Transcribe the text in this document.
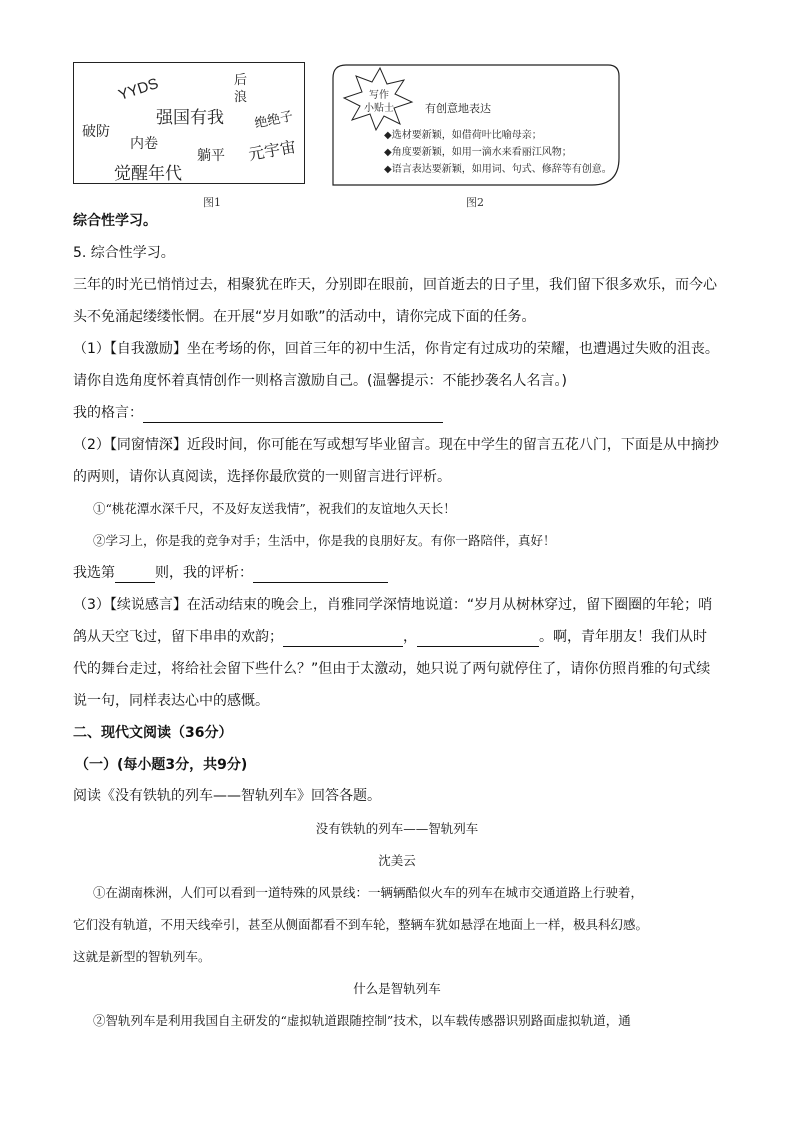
YYDS
强国有我
后
浪
绝绝子
破防
内卷
躺平 元宇宙
觉醒年代
图1
写作
小贴士	有创意地表达
◆选材要新颖，如借荷叶比喻母亲；
◆角度要新颖，如用一滴水来看丽江风物；
◆语言表达要新颖，如用词、句式、修辞等有创意。
图2
综合性学习。
5. 综合性学习。
三年的时光已悄悄过去，相聚犹在昨天，分别即在眼前，回首逝去的日子里，我们留下很多欢乐，而今心
头不免涌起缕缕怅惘。在开展“岁月如歌”的活动中，请你完成下面的任务。
（1）【自我激励】坐在考场的你，回首三年的初中生活，你肯定有过成功的荣耀，也遭遇过失败的沮丧。
请你自选角度怀着真情创作一则格言激励自己。(温馨提示：不能抄袭名人名言。)
我的格言：
（2）【同窗情深】近段时间，你可能在写或想写毕业留言。现在中学生的留言五花八门，下面是从中摘抄
的两则，请你认真阅读，选择你最欣赏的一则留言进行评析。
①“桃花潭水深千尺，不及好友送我情”，祝我们的友谊地久天长！
②学习上，你是我的竞争对手；生活中，你是我的良朋好友。有你一路陪伴，真好！
我选第	则，我的评析：
（3）【续说感言】在活动结束的晚会上，肖雅同学深情地说道：“岁月从树林穿过，留下圈圈的年轮；哨
鸽从天空飞过，留下串串的欢韵；	，	。啊，青年朋友！我们从时
代的舞台走过，将给社会留下些什么？”但由于太激动，她只说了两句就停住了，请你仿照肖雅的句式续
说一句，同样表达心中的感慨。
二、现代文阅读（36分）
（一）(每小题3分，共9分)
阅读《没有铁轨的列车——智轨列车》回答各题。
没有铁轨的列车——智轨列车
沈美云
①在湖南株洲，人们可以看到一道特殊的风景线：一辆辆酷似火车的列车在城市交通道路上行驶着，
它们没有轨道，不用天线牵引，甚至从侧面都看不到车轮，整辆车犹如悬浮在地面上一样，极具科幻感。
这就是新型的智轨列车。
什么是智轨列车
②智轨列车是利用我国自主研发的“虚拟轨道跟随控制”技术，以车载传感器识别路面虚拟轨道，通
